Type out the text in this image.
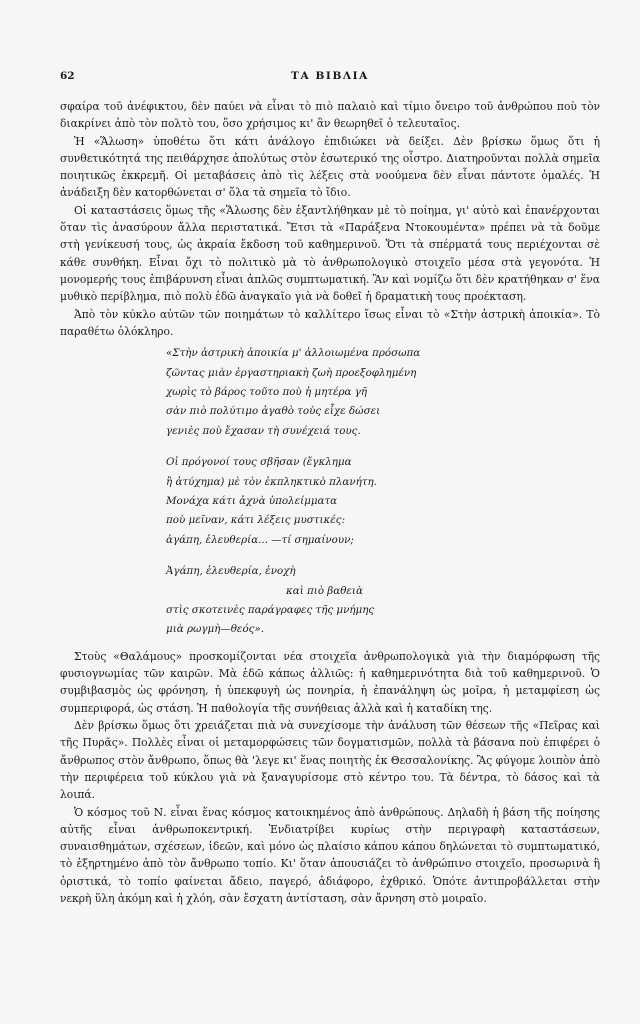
62	ΤΑ ΒΙΒΛΙΑ

σφαίρα τοῦ ἀνέφικτου, δὲν παύει νὰ εἶναι τὸ πιὸ παλαιὸ καὶ τίμιο ὄνειρο τοῦ ἀνθρώπου ποὺ τὸν διακρίνει ἀπὸ τὸν πολτὸ του, ὅσο χρήσιμος κι' ἂν θεωρηθεῖ ὁ τελευταῖος.

Ἡ «Ἅλωση» ὑποθέτω ὅτι κάτι ἀνάλογο ἐπιδιώκει νὰ δείξει. Δὲν βρίσκω ὅμως ὅτι ἡ συνθετικότητά της πειθάρχησε ἀπολύτως στὸν ἐσωτερικό της οἶστρο. Διατηροῦνται πολλὰ σημεῖα ποιητικῶς ἐκκρεμῆ. Οἱ μεταβάσεις ἀπὸ τὶς λέξεις στὰ νοούμενα δὲν εἶναι πάντοτε ὁμαλές. Ἡ ἀνάδειξη δὲν κατορθώνεται σ' ὅλα τὰ σημεῖα τὸ ἴδιο.

Οἱ καταστάσεις ὅμως τῆς «Ἅλωσης δὲν ἐξαντλήθηκαν μὲ τὸ ποίημα, γι' αὐτὸ καὶ ἐπανέρχονται ὅταν τὶς ἀνασύρουν ἄλλα περιστατικά. Ἔτσι τὰ «Παράξενα Ντοκουμέντα» πρέπει νὰ τὰ δοῦμε στὴ γενίκευσή τους, ὡς ἀκραία ἔκδοση τοῦ καθημερινοῦ. Ὅτι τὰ σπέρματά τους περιέχονται σὲ κάθε συνθήκη. Εἶναι ὄχι τὸ πολιτικὸ μὰ τὸ ἀνθρωπολογικὸ στοιχεῖο μέσα στὰ γεγονότα. Ἡ μονομερής τους ἐπιβάρυνση εἶναι ἁπλῶς συμπτωματική. Ἂν καὶ νομίζω ὅτι δὲν κρατήθηκαν σ' ἕνα μυθικὸ περίβλημα, πιὸ πολὺ ἐδῶ ἀναγκαῖο γιὰ νὰ δοθεῖ ἡ δραματικὴ τους προέκταση.

Ἀπὸ τὸν κύκλο αὐτῶν τῶν ποιημάτων τὸ καλλίτερο ἴσως εἶναι τὸ «Στὴν ἀστρικὴ ἀποικία». Τὸ παραθέτω ὁλόκληρο.

«Στὴν ἀστρικὴ ἀποικία μ' ἀλλοιωμένα πρόσωπα
ζῶντας μιὰν ἐργαστηριακὴ ζωὴ προεξοφλημένη
χωρὶς τὸ βάρος τοῦτο ποὺ ἡ μητέρα γῆ
σὰν πιὸ πολύτιμο ἀγαθὸ τοὺς εἶχε δώσει
γενιὲς ποὺ ἔχασαν τὴ συνέχειά τους.
Οἱ πρόγονοί τους σβῆσαν (ἔγκλημα
ἢ ἀτύχημα) μὲ τὸν ἐκπληκτικὸ πλανήτη.
Μονάχα κάτι ἀχνὰ ὑπολείμματα
ποὺ μεῖναν, κάτι λέξεις μυστικές:
ἀγάπη, ἐλευθερία... —τί σημαίνουν;
Ἀγάπη, ἐλευθερία, ἐνοχὴ
καὶ πιὸ βαθειὰ
στὶς σκοτεινὲς παράγραφες τῆς μνήμης
μιὰ ρωγμὴ—θεός».

Στοὺς «Θαλάμους» προσκομίζονται νέα στοιχεῖα ἀνθρωπολογικὰ γιὰ τὴν διαμόρφωση τῆς φυσιογνωμίας τῶν καιρῶν. Μὰ ἐδῶ κάπως ἀλλιῶς: ἡ καθημερινότητα διὰ τοῦ καθημερινοῦ. Ὁ συμβιβασμὸς ὡς φρόνηση, ἡ ὑπεκφυγὴ ὡς πονηρία, ἡ ἐπανάληψη ὡς μοῖρα, ἡ μεταμφίεση ὡς συμπεριφορά, ὡς στάση. Ἡ παθολογία τῆς συνήθειας ἀλλὰ καὶ ἡ καταδίκη της.

Δὲν βρίσκω ὅμως ὅτι χρειάζεται πιὰ νὰ συνεχίσομε τὴν ἀνάλυση τῶν θέσεων τῆς «Πεῖρας καὶ τῆς Πυρᾶς». Πολλὲς εἶναι οἱ μεταμορφώσεις τῶν δογματισμῶν, πολλὰ τὰ βάσανα ποὺ ἐπιφέρει ὁ ἄνθρωπος στὸν ἄνθρωπο, ὅπως θὰ 'λεγε κι' ἕνας ποιητὴς ἐκ Θεσσαλονίκης. Ἂς φύγομε λοιπὸν ἀπὸ τὴν περιφέρεια τοῦ κύκλου γιὰ νὰ ξαναγυρίσομε στὸ κέντρο του. Τὰ δέντρα, τὸ δάσος καὶ τὰ λοιπά.

Ὁ κόσμος τοῦ Ν. εἶναι ἕνας κόσμος κατοικημένος ἀπὸ ἀνθρώπους. Δηλαδὴ ἡ βάση τῆς ποίησης αὐτῆς εἶναι ἀνθρωποκεντρική. Ἐνδιατρίβει κυρίως στὴν περιγραφὴ καταστάσεων, συναισθημάτων, σχέσεων, ἰδεῶν, καὶ μόνο ὡς πλαίσιο κάπου κάπου δηλώνεται τὸ συμπτωματικό, τὸ ἐξηρτημένο ἀπὸ τὸν ἄνθρωπο τοπίο. Κι' ὅταν ἀπουσιάζει τὸ ἀνθρώπινο στοιχεῖο, προσωρινὰ ἢ ὁριστικά, τὸ τοπίο φαίνεται ἄδειο, παγερό, ἀδιάφορο, ἐχθρικό. Ὁπότε ἀντιπροβάλλεται στὴν νεκρὴ ὕλη ἀκόμη καὶ ἡ χλόη, σὰν ἔσχατη ἀντίσταση, σὰν ἄρνηση στὸ μοιραῖο.
